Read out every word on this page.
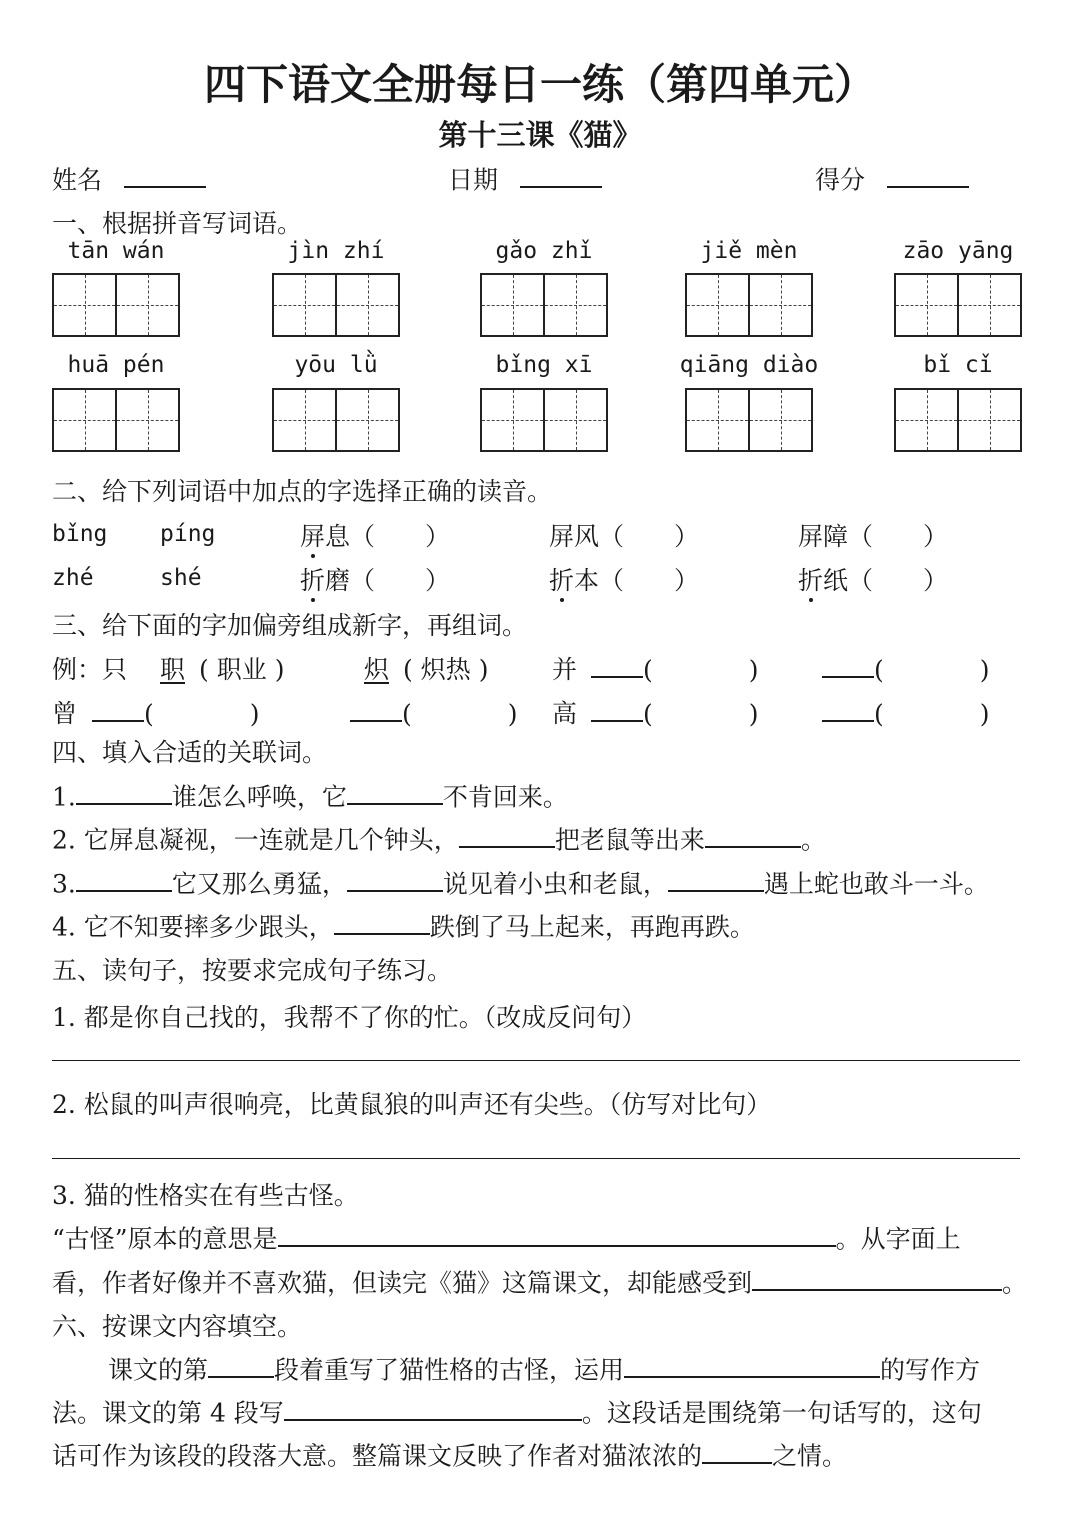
四下语文全册每日一练（第四单元）
第十三课《猫》
姓名	日期	得分
一、根据拼音写词语。
tān wán	jìn zhí	gǎo zhǐ	jiě mèn	zāo yāng
huā pén	yōu lǜ	bǐng xī	qiāng diào	bǐ cǐ
二、给下列词语中加点的字选择正确的读音。
bǐng píng	屏息（ ）	屏风（ ）	屏障（ ）
zhé	shé	折磨（ ）	折本（ ）	折纸（ ）
三、给下面的字加偏旁组成新字，再组词。
例：只	职 ( 职业 )	炽 ( 炽热 )	并	(	)	(	)
曾	(	)	(	) 高	(	)	(	)
四、填入合适的关联词。
1.	谁怎么呼唤，它	不肯回来。
2. 它屏息凝视，一连就是几个钟头，	把老鼠等出来	。
3.	它又那么勇猛，	说见着小虫和老鼠，	遇上蛇也敢斗一斗。
4. 它不知要摔多少跟头，	跌倒了马上起来，再跑再跌。
五、读句子，按要求完成句子练习。
1. 都是你自己找的，我帮不了你的忙。（改成反问句）
2. 松鼠的叫声很响亮，比黄鼠狼的叫声还有尖些。（仿写对比句）
3. 猫的性格实在有些古怪。
“古怪”原本的意思是	。从字面上
看，作者好像并不喜欢猫，但读完《猫》这篇课文，却能感受到	。
六、按课文内容填空。
课文的第	段着重写了猫性格的古怪，运用	的写作方
法。课文的第 4 段写	。这段话是围绕第一句话写的，这句
话可作为该段的段落大意。整篇课文反映了作者对猫浓浓的	之情。
